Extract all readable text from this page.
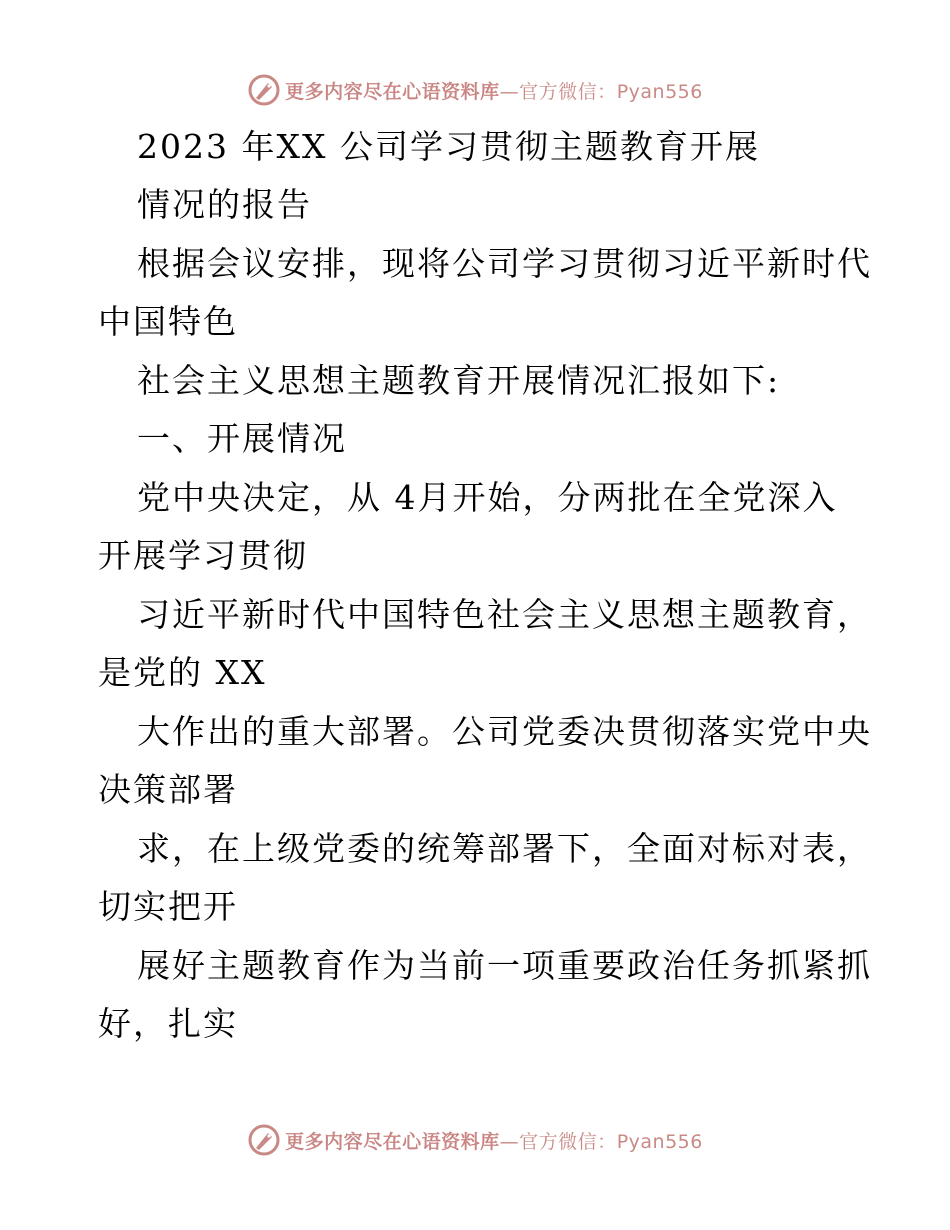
更多内容尽在心语资料库—官方微信：Pyan556
2023 年XX 公司学习贯彻主题教育开展
情况的报告
根据会议安排，现将公司学习贯彻习近平新时代
中国特色
社会主义思想主题教育开展情况汇报如下:
一、开展情况
党中央决定，从 4月开始，分两批在全党深入
开展学习贯彻
习近平新时代中国特色社会主义思想主题教育，
是党的 XX
大作出的重大部署。公司党委决贯彻落实党中央
决策部署
求，在上级党委的统筹部署下，全面对标对表，
切实把开
展好主题教育作为当前一项重要政治任务抓紧抓
好，扎实
更多内容尽在心语资料库—官方微信：Pyan556
